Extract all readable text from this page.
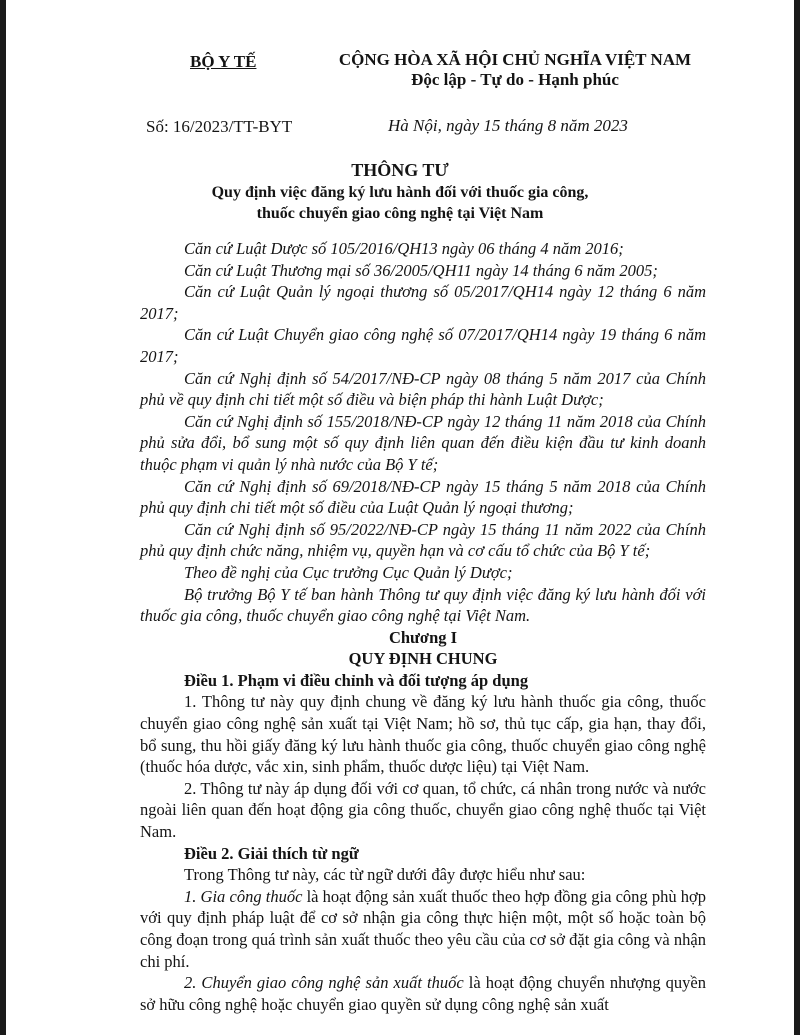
BỘ Y TẾ	CỘNG HÒA XÃ HỘI CHỦ NGHĨA VIỆT NAM
Độc lập - Tự do - Hạnh phúc
Số: 16/2023/TT-BYT	Hà Nội, ngày 15 tháng 8 năm 2023
THÔNG TƯ
Quy định việc đăng ký lưu hành đối với thuốc gia công,
thuốc chuyển giao công nghệ tại Việt Nam

Căn cứ Luật Dược số 105/2016/QH13 ngày 06 tháng 4 năm 2016;

Căn cứ Luật Thương mại số 36/2005/QH11 ngày 14 tháng 6 năm 2005;

Căn cứ Luật Quản lý ngoại thương số 05/2017/QH14 ngày 12 tháng 6 năm 2017;

Căn cứ Luật Chuyển giao công nghệ số 07/2017/QH14 ngày 19 tháng 6 năm 2017;

Căn cứ Nghị định số 54/2017/NĐ-CP ngày 08 tháng 5 năm 2017 của Chính phủ về quy định chi tiết một số điều và biện pháp thi hành Luật Dược;

Căn cứ Nghị định số 155/2018/NĐ-CP ngày 12 tháng 11 năm 2018 của Chính phủ sửa đổi, bổ sung một số quy định liên quan đến điều kiện đầu tư kinh doanh thuộc phạm vi quản lý nhà nước của Bộ Y tế;

Căn cứ Nghị định số 69/2018/NĐ-CP ngày 15 tháng 5 năm 2018 của Chính phủ quy định chi tiết một số điều của Luật Quản lý ngoại thương;

Căn cứ Nghị định số 95/2022/NĐ-CP ngày 15 tháng 11 năm 2022 của Chính phủ quy định chức năng, nhiệm vụ, quyền hạn và cơ cấu tổ chức của Bộ Y tế;

Theo đề nghị của Cục trưởng Cục Quản lý Dược;

Bộ trưởng Bộ Y tế ban hành Thông tư quy định việc đăng ký lưu hành đối với thuốc gia công, thuốc chuyển giao công nghệ tại Việt Nam.

Chương I

QUY ĐỊNH CHUNG

Điều 1. Phạm vi điều chỉnh và đối tượng áp dụng

1. Thông tư này quy định chung về đăng ký lưu hành thuốc gia công, thuốc chuyển giao công nghệ sản xuất tại Việt Nam; hồ sơ, thủ tục cấp, gia hạn, thay đổi, bổ sung, thu hồi giấy đăng ký lưu hành thuốc gia công, thuốc chuyển giao công nghệ (thuốc hóa dược, vắc xin, sinh phẩm, thuốc dược liệu) tại Việt Nam.

2. Thông tư này áp dụng đối với cơ quan, tổ chức, cá nhân trong nước và nước ngoài liên quan đến hoạt động gia công thuốc, chuyển giao công nghệ thuốc tại Việt Nam.

Điều 2. Giải thích từ ngữ

Trong Thông tư này, các từ ngữ dưới đây được hiểu như sau:

1. Gia công thuốc là hoạt động sản xuất thuốc theo hợp đồng gia công phù hợp với quy định pháp luật để cơ sở nhận gia công thực hiện một, một số hoặc toàn bộ công đoạn trong quá trình sản xuất thuốc theo yêu cầu của cơ sở đặt gia công và nhận chi phí.

2. Chuyển giao công nghệ sản xuất thuốc là hoạt động chuyển nhượng quyền sở hữu công nghệ hoặc chuyển giao quyền sử dụng công nghệ sản xuất
